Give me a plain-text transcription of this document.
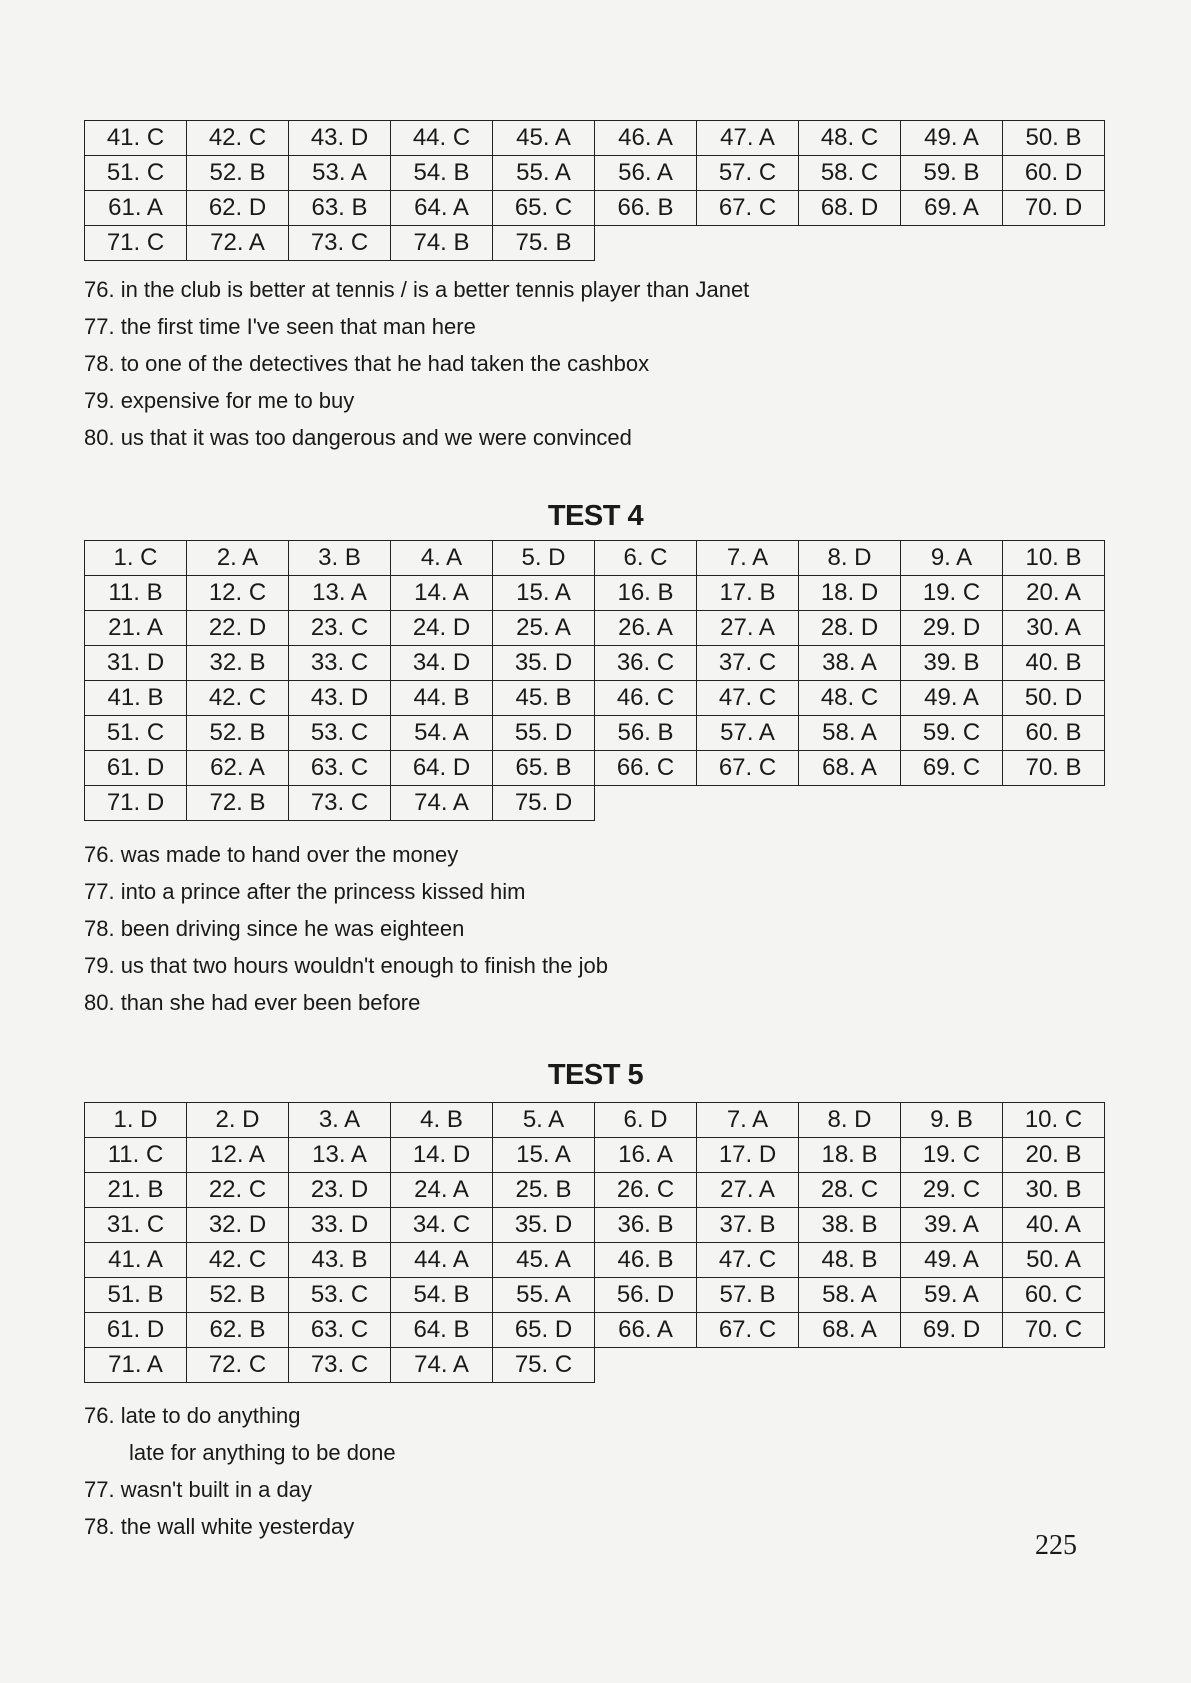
41. C	42. C	43. D	44. C	45. A	46. A	47. A	48. C	49. A	50. B
51. C	52. B	53. A	54. B	55. A	56. A	57. C	58. C	59. B	60. D
61. A	62. D	63. B	64. A	65. C	66. B	67. C	68. D	69. A	70. D
71. C	72. A	73. C	74. B	75. B					
76. in the club is better at tennis / is a better tennis player than Janet
77. the first time I've seen that man here
78. to one of the detectives that he had taken the cashbox
79. expensive for me to buy
80. us that it was too dangerous and we were convinced
TEST 4
1. C	2. A	3. B	4. A	5. D	6. C	7. A	8. D	9. A	10. B
11. B	12. C	13. A	14. A	15. A	16. B	17. B	18. D	19. C	20. A
21. A	22. D	23. C	24. D	25. A	26. A	27. A	28. D	29. D	30. A
31. D	32. B	33. C	34. D	35. D	36. C	37. C	38. A	39. B	40. B
41. B	42. C	43. D	44. B	45. B	46. C	47. C	48. C	49. A	50. D
51. C	52. B	53. C	54. A	55. D	56. B	57. A	58. A	59. C	60. B
61. D	62. A	63. C	64. D	65. B	66. C	67. C	68. A	69. C	70. B
71. D	72. B	73. C	74. A	75. D					
76. was made to hand over the money
77. into a prince after the princess kissed him
78. been driving since he was eighteen
79. us that two hours wouldn't enough to finish the job
80. than she had ever been before
TEST 5
1. D	2. D	3. A	4. B	5. A	6. D	7. A	8. D	9. B	10. C
11. C	12. A	13. A	14. D	15. A	16. A	17. D	18. B	19. C	20. B
21. B	22. C	23. D	24. A	25. B	26. C	27. A	28. C	29. C	30. B
31. C	32. D	33. D	34. C	35. D	36. B	37. B	38. B	39. A	40. A
41. A	42. C	43. B	44. A	45. A	46. B	47. C	48. B	49. A	50. A
51. B	52. B	53. C	54. B	55. A	56. D	57. B	58. A	59. A	60. C
61. D	62. B	63. C	64. B	65. D	66. A	67. C	68. A	69. D	70. C
71. A	72. C	73. C	74. A	75. C					
76. late to do anything
late for anything to be done
77. wasn't built in a day
78. the wall white yesterday
225
